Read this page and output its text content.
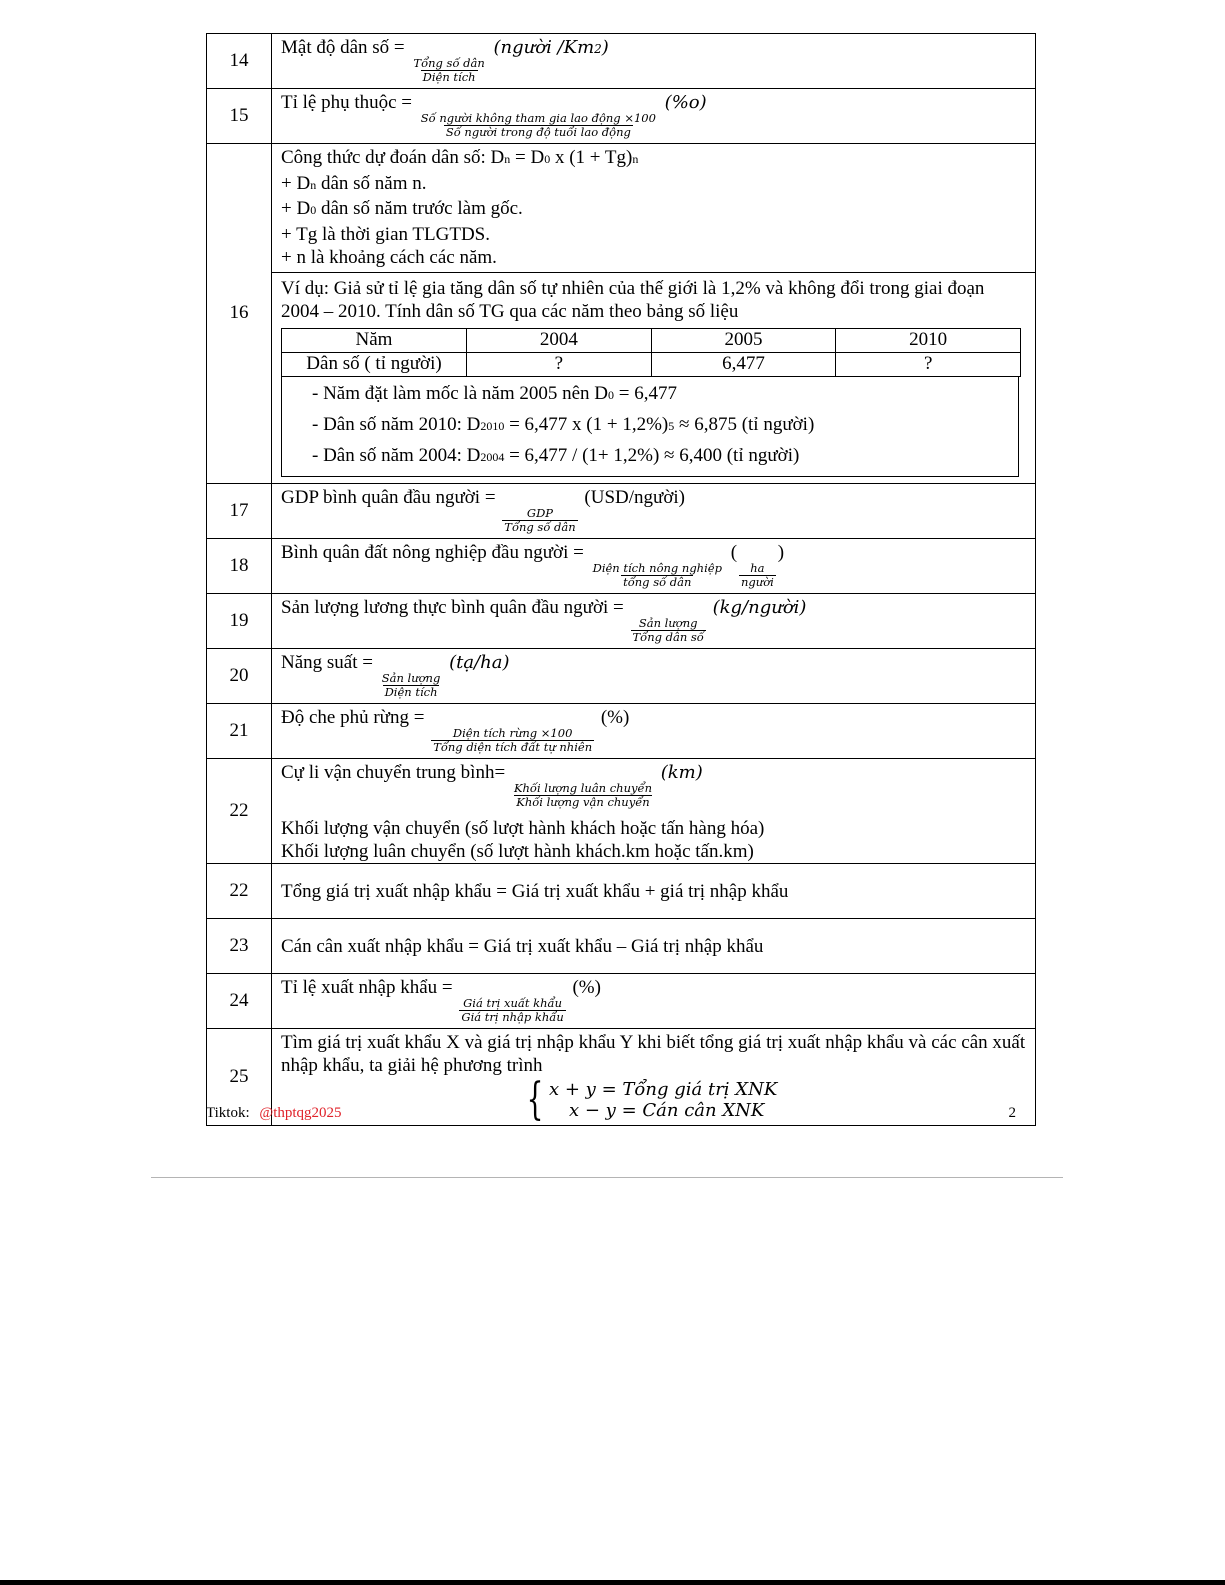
14	Mật độ dân số =
Tổng số dân
Diện tích
(người /Km2)
15	Tỉ lệ phụ thuộc =
Số người không tham gia lao động ×100
Số người trong độ tuổi lao động
(%o)
16	
Công thức dự đoán dân số: Dn = D0 x (1 + Tg)n
+ Dn dân số năm n.
+ D0 dân số năm trước làm gốc.
+ Tg là thời gian TLGTDS.
+ n là khoảng cách các năm.
Ví dụ: Giả sử tỉ lệ gia tăng dân số tự nhiên của thế giới là 1,2% và không đổi trong giai đoạn 2004 – 2010. Tính dân số TG qua các năm theo bảng số liệu
Năm	2004	2005	2010
Dân số ( tỉ người)	?	6,477	?
- Năm đặt làm mốc là năm 2005 nên D0 = 6,477
- Dân số năm 2010: D2010 = 6,477 x (1 + 1,2%)5 ≈ 6,875 (tỉ người)
- Dân số năm 2004: D2004 = 6,477 / (1+ 1,2%) ≈ 6,400 (tỉ người)

17	GDP bình quân đầu người =
GDP
Tổng số dân
(USD/người)
18	Bình quân đất nông nghiệp đầu người =
Diện tích nông nghiệp
tổng số dân
(
ha
người
)
19	Sản lượng lương thực bình quân đầu người =
Sản lượng
Tổng dân số
(kg/người)
20	Năng suất =
Sản lượng
Diện tích
(tạ/ha)
21	Độ che phủ rừng =
Diện tích rừng ×100
Tổng diện tích đất tự nhiên
(%)
22	
Cự li vận chuyển trung bình=
Khối lượng luân chuyển
Khối lượng vận chuyển
(km)
Khối lượng vận chuyển (số lượt hành khách hoặc tấn hàng hóa)
Khối lượng luân chuyển (số lượt hành khách.km hoặc tấn.km)

22	Tổng giá trị xuất nhập khẩu = Giá trị xuất khẩu + giá trị nhập khẩu
23	Cán cân xuất nhập khẩu = Giá trị xuất khẩu – Giá trị nhập khẩu
24	Tỉ lệ xuất nhập khẩu =
Giá trị xuất khẩu
Giá trị nhập khẩu
(%)
25	
Tìm giá trị xuất khẩu X và giá trị nhập khẩu Y khi biết tổng giá trị xuất nhập khẩu và các cân xuất nhập khẩu, ta giải hệ phương trình
{ x + y = Tổng giá trị XNK
x − y = Cán cân XNK
Tiktok: @thptqg2025	2
